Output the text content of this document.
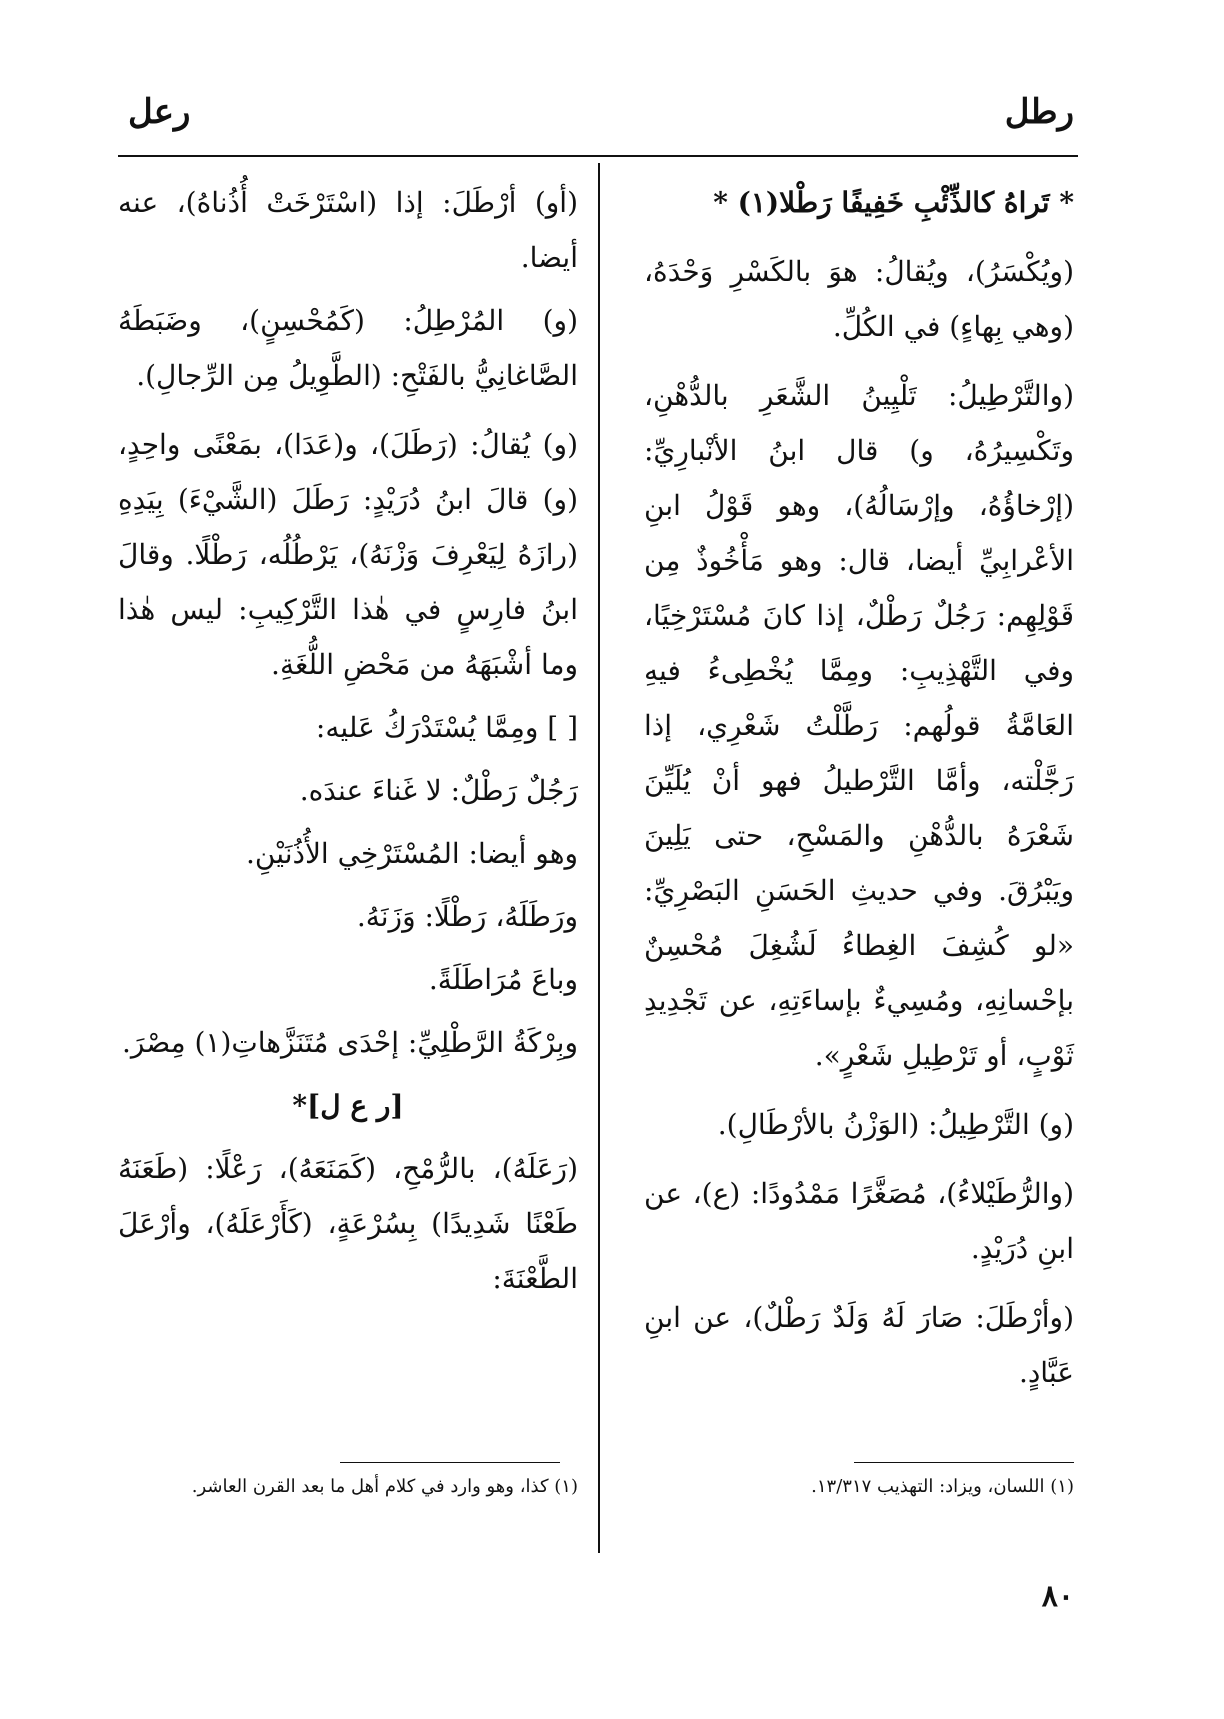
رطل
رعل

* تَراهُ كالذِّئْبِ خَفِيفًا رَطْلا(١) *

(ويُكْسَرُ)، ويُقالُ: هوَ بالكَسْرِ وَحْدَهُ، (وهي بِهاءٍ) في الكُلِّ.

(والتَّرْطِيلُ: تَلْيِينُ الشَّعَرِ بالدُّهْنِ، وتَكْسِيرُهُ، و) قال ابنُ الأنْبارِيِّ: (إرْخاؤُهُ، وإرْسَالُهُ)، وهو قَوْلُ ابنِ الأعْرابِيِّ أيضا، قال: وهو مَأْخُوذٌ مِن قَوْلِهِم: رَجُلٌ رَطْلٌ، إذا كانَ مُسْتَرْخِيًا، وفي التَّهْذِيبِ: ومِمَّا يُخْطِىءُ فيهِ العَامَّةُ قولُهم: رَطَّلْتُ شَعْرِي، إذا رَجَّلْته، وأمَّا التَّرْطيلُ فهو أنْ يُلَيِّنَ شَعْرَهُ بالدُّهْنِ والمَسْحِ، حتى يَلِينَ ويَبْرُقَ. وفي حديثِ الحَسَنِ البَصْرِيِّ: «لو كُشِفَ الغِطاءُ لَشُغِلَ مُحْسِنٌ بإحْسانِهِ، ومُسِيءٌ بإساءَتِهِ، عن تَجْدِيدِ ثَوْبٍ، أو تَرْطِيلِ شَعْرٍ».

(و) التَّرْطِيلُ: (الوَزْنُ بالأرْطَالِ).

(والرُّطَيْلاءُ)، مُصَغَّرًا مَمْدُودًا: (ع)، عن ابنِ دُرَيْدٍ.

(وأرْطَلَ: صَارَ لَهُ وَلَدٌ رَطْلٌ)، عن ابنِ عَبَّادٍ.

(أو) أرْطَلَ: إذا (اسْتَرْخَتْ أُذُناهُ)، عنه أيضا.

(و) المُرْطِلُ: (كَمُحْسِنٍ)، وضَبَطَهُ الصَّاغانِيُّ بالفَتْحِ: (الطَّوِيلُ مِن الرِّجالِ).

(و) يُقالُ: (رَطَلَ)، و(عَدَا)، بمَعْنًى واحِدٍ، (و) قالَ ابنُ دُرَيْدٍ: رَطَلَ (الشَّيْءَ) بِيَدِهِ (رازَهُ لِيَعْرِفَ وَزْنَهُ)، يَرْطُلُه، رَطْلًا. وقالَ ابنُ فارِسٍ في هٰذا التَّرْكِيبِ: ليس هٰذا وما أشْبَهَهُ من مَحْضِ اللُّغَةِ.

[ ] ومِمَّا يُسْتَدْرَكُ عَليه:

رَجُلٌ رَطْلٌ: لا غَناءَ عندَه.

وهو أيضا: المُسْتَرْخِي الأُذُنَيْنِ.

ورَطَلَهُ، رَطْلًا: وَزَنَهُ.

وباعَ مُرَاطَلَةً.

وبِرْكَةُ الرَّطْلِيِّ: إحْدَى مُتَنَزَّهاتِ(١) مِصْرَ.

[ر ع ل]*

(رَعَلَهُ)، بالرُّمْحِ، (كَمَنَعَهُ)، رَعْلًا: (طَعَنَهُ طَعْنًا شَدِيدًا) بِسُرْعَةٍ، (كَأَرْعَلَهُ)، وأرْعَلَ الطَّعْنَةَ:

(١) اللسان، ويزاد: التهذيب ١٣/٣١٧.
(١) كذا، وهو وارد في كلام أهل ما بعد القرن العاشر.
٨٠
